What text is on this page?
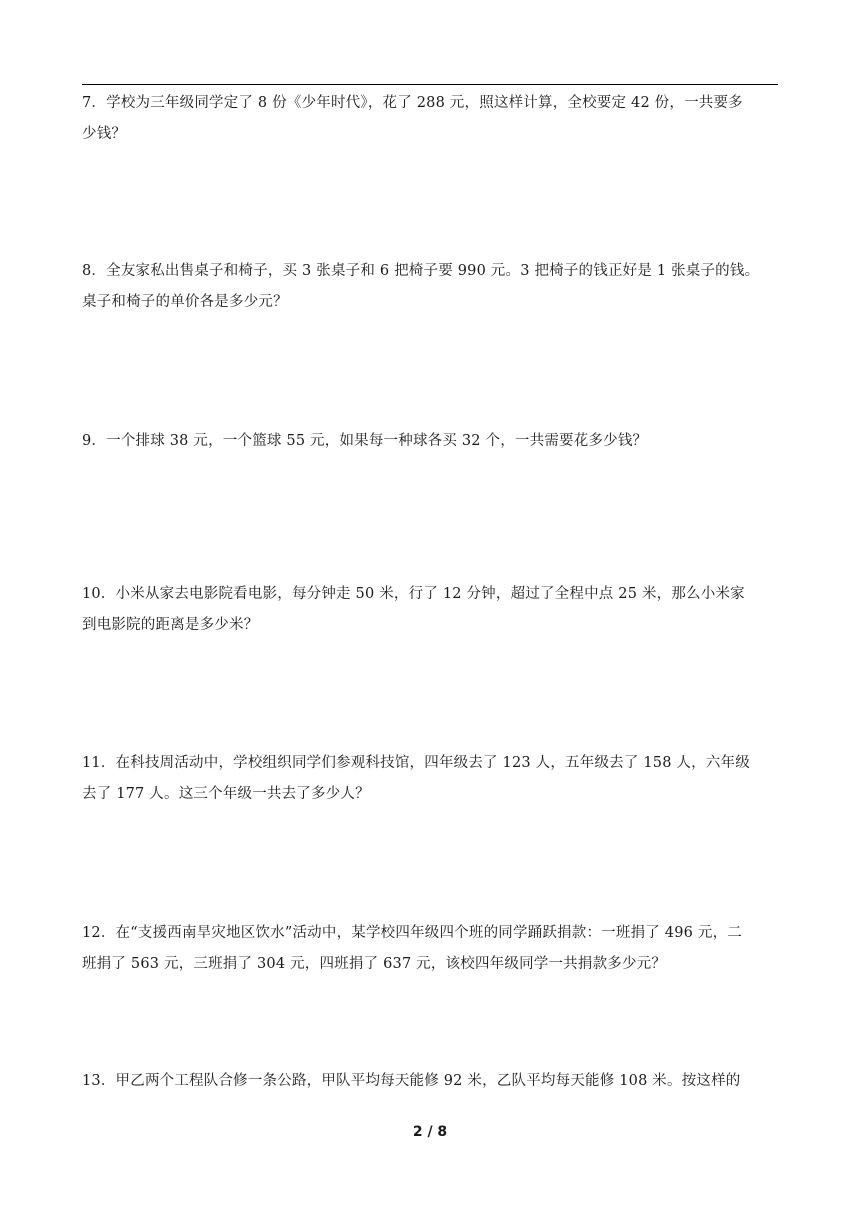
7．学校为三年级同学定了 8 份《少年时代》，花了 288 元，照这样计算，全校要定 42 份，一共要多

少钱？

8．全友家私出售桌子和椅子，买 3 张桌子和 6 把椅子要 990 元。3 把椅子的钱正好是 1 张桌子的钱。

桌子和椅子的单价各是多少元？

9．一个排球 38 元，一个篮球 55 元，如果每一种球各买 32 个，一共需要花多少钱？

10．小米从家去电影院看电影，每分钟走 50 米，行了 12 分钟，超过了全程中点 25 米，那么小米家

到电影院的距离是多少米？

11．在科技周活动中，学校组织同学们参观科技馆，四年级去了 123 人，五年级去了 158 人，六年级

去了 177 人。这三个年级一共去了多少人？

12．在“支援西南旱灾地区饮水”活动中，某学校四年级四个班的同学踊跃捐款：一班捐了 496 元，二

班捐了 563 元，三班捐了 304 元，四班捐了 637 元，该校四年级同学一共捐款多少元？

13．甲乙两个工程队合修一条公路，甲队平均每天能修 92 米，乙队平均每天能修 108 米。按这样的

2 / 8
